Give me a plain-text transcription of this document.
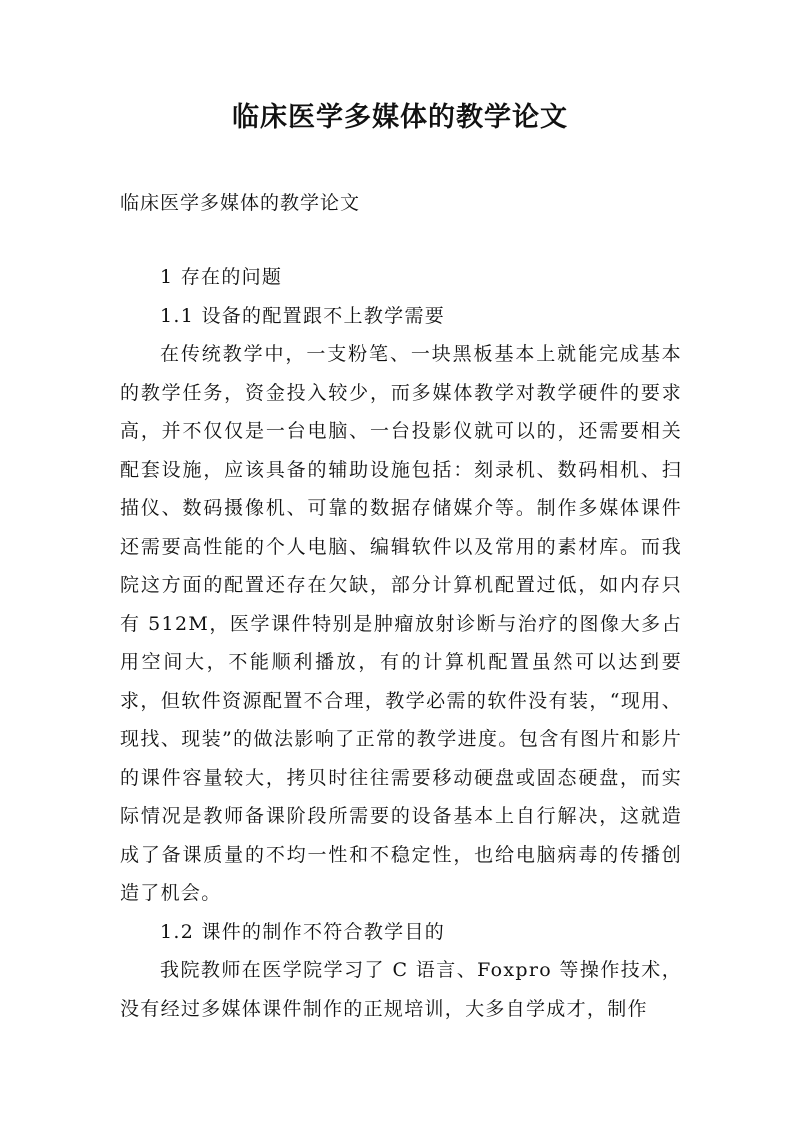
临床医学多媒体的教学论文
临床医学多媒体的教学论文

1 存在的问题

1.1 设备的配置跟不上教学需要

在传统教学中，一支粉笔、一块黑板基本上就能完成基本的教学任务，资金投入较少，而多媒体教学对教学硬件的要求高，并不仅仅是一台电脑、一台投影仪就可以的，还需要相关配套设施，应该具备的辅助设施包括：刻录机、数码相机、扫描仪、数码摄像机、可靠的数据存储媒介等。制作多媒体课件还需要高性能的个人电脑、编辑软件以及常用的素材库。而我院这方面的配置还存在欠缺，部分计算机配置过低，如内存只有 512M，医学课件特别是肿瘤放射诊断与治疗的图像大多占用空间大，不能顺利播放，有的计算机配置虽然可以达到要求，但软件资源配置不合理，教学必需的软件没有装，“现用、现找、现装”的做法影响了正常的教学进度。包含有图片和影片的课件容量较大，拷贝时往往需要移动硬盘或固态硬盘，而实际情况是教师备课阶段所需要的设备基本上自行解决，这就造成了备课质量的不均一性和不稳定性，也给电脑病毒的传播创造了机会。

1.2 课件的制作不符合教学目的

我院教师在医学院学习了 C 语言、Foxpro 等操作技术，没有经过多媒体课件制作的正规培训，大多自学成才，制作
